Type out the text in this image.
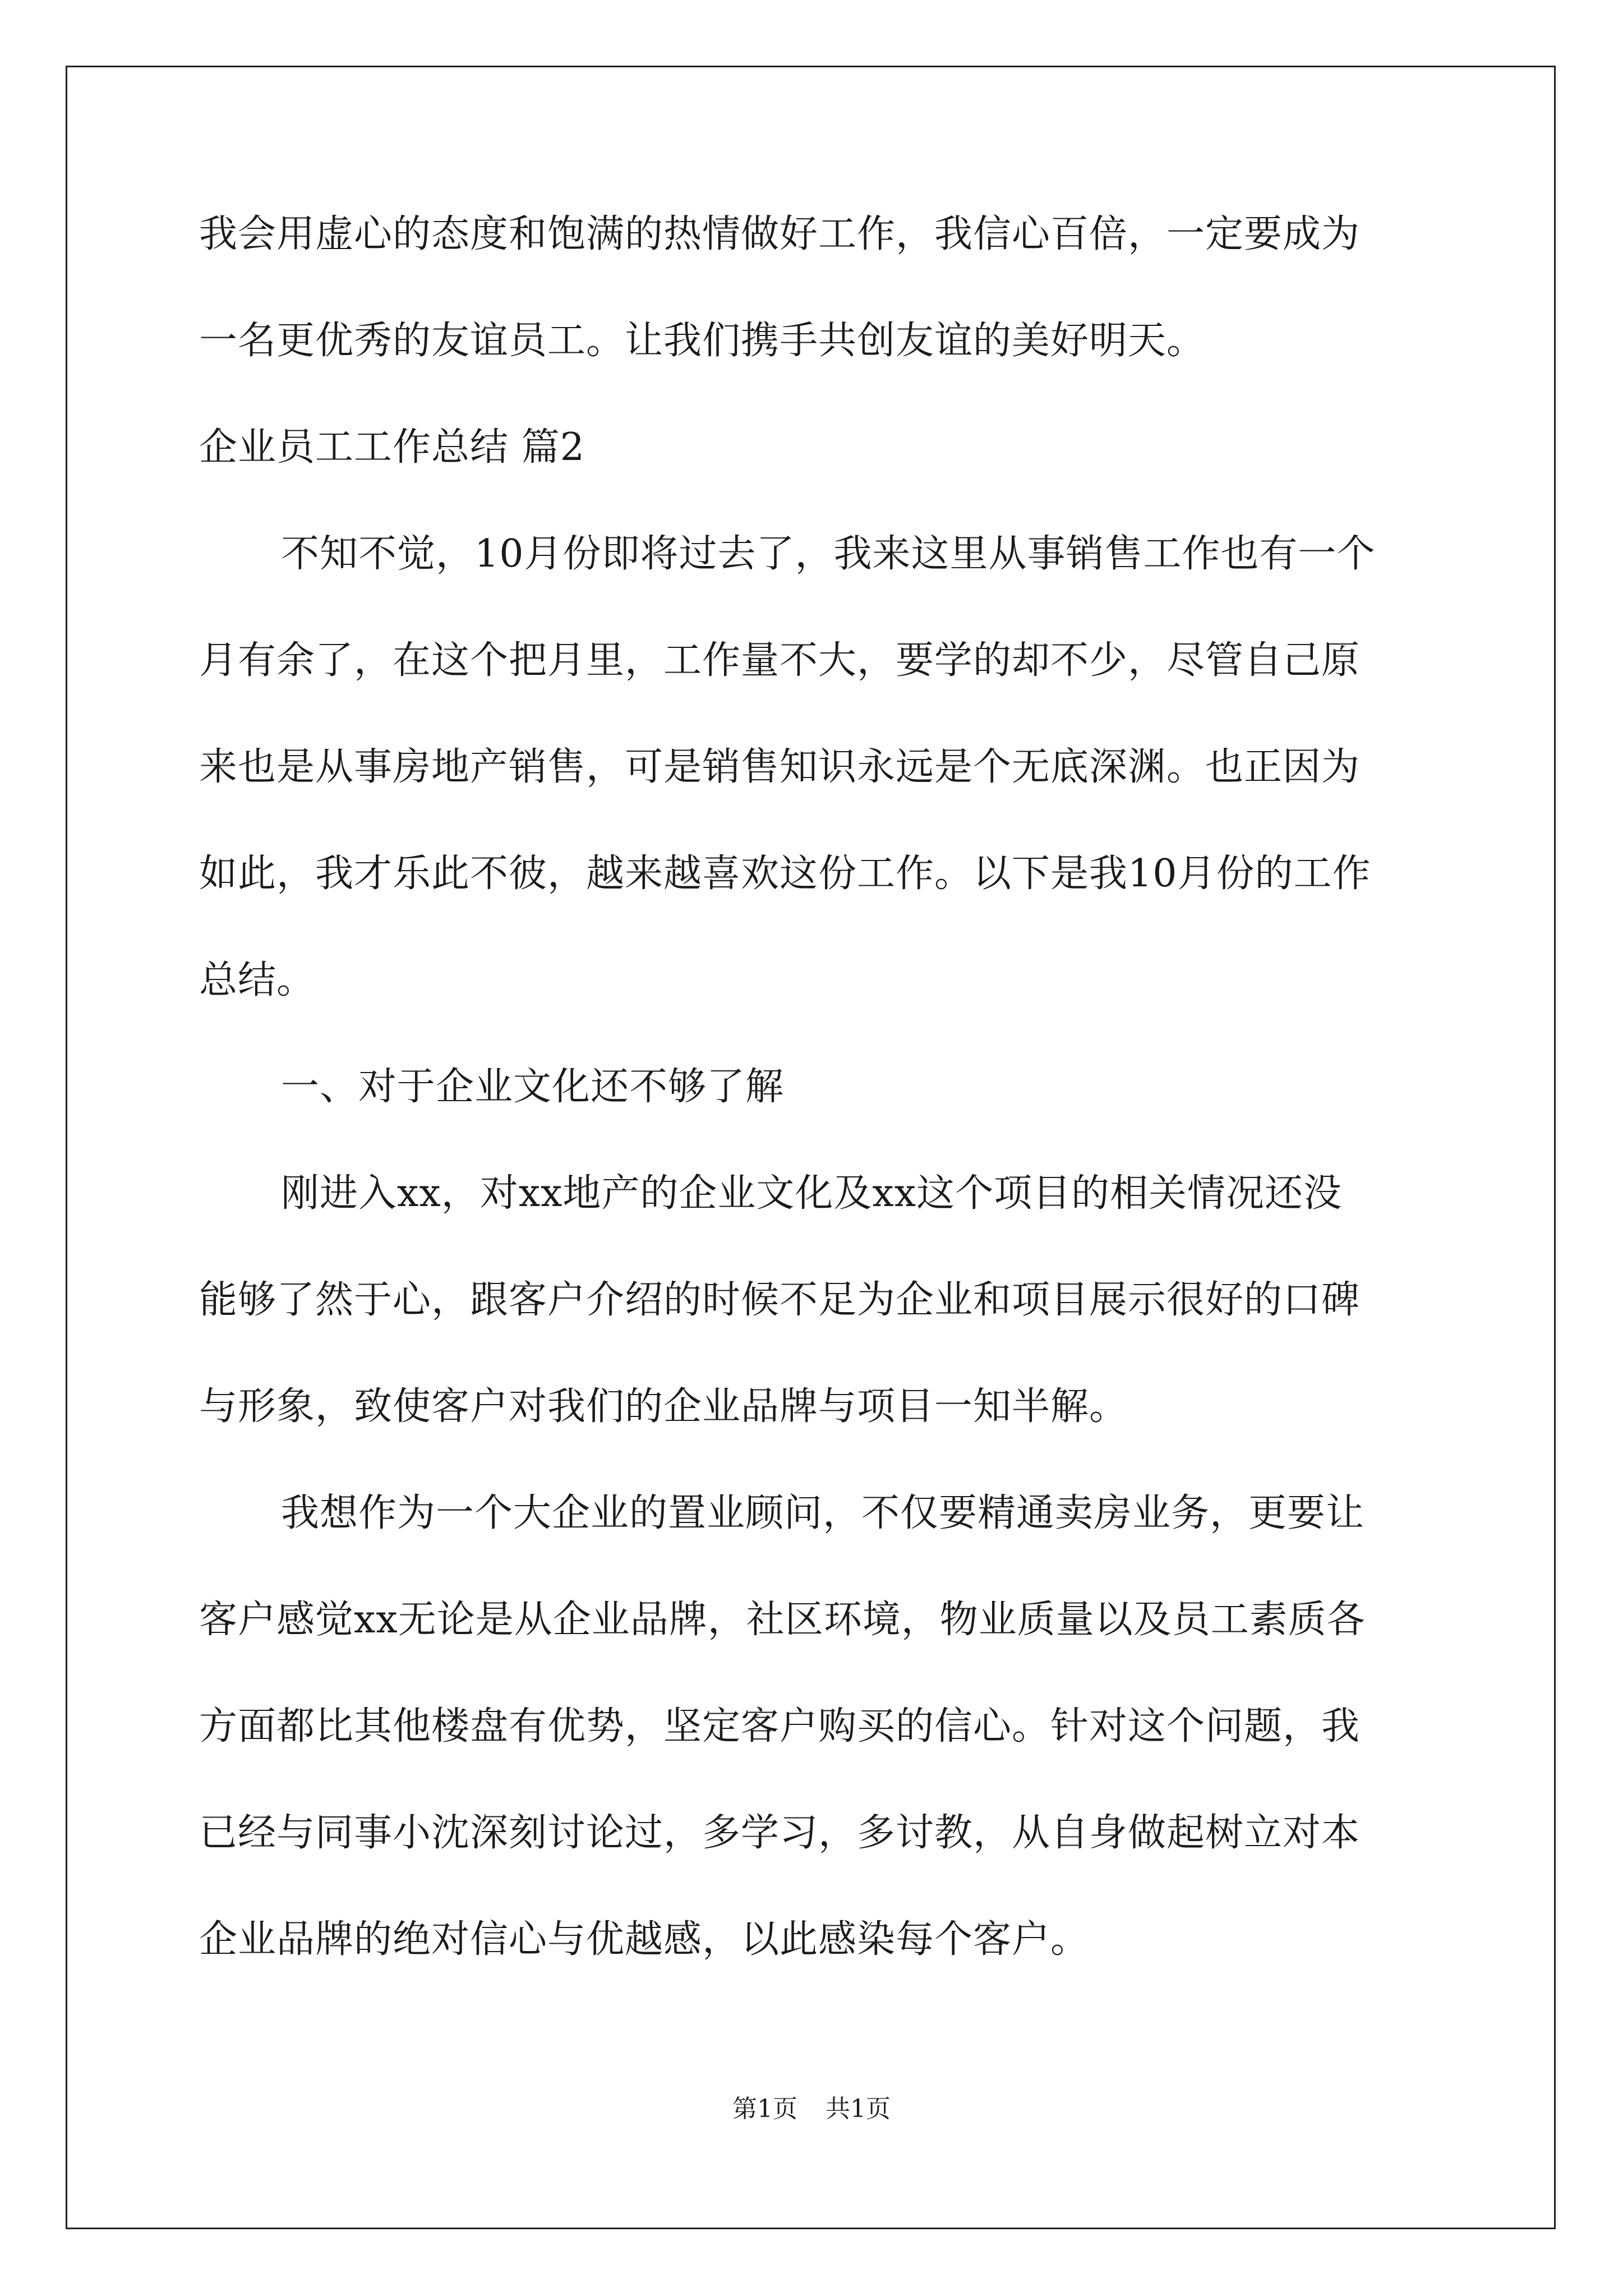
我会用虚心的态度和饱满的热情做好工作，我信心百倍，一定要成为
一名更优秀的友谊员工。让我们携手共创友谊的美好明天。
企业员工工作总结 篇2
不知不觉，10月份即将过去了，我来这里从事销售工作也有一个
月有余了，在这个把月里，工作量不大，要学的却不少，尽管自己原
来也是从事房地产销售，可是销售知识永远是个无底深渊。也正因为
如此，我才乐此不彼，越来越喜欢这份工作。以下是我10月份的工作
总结。
一、对于企业文化还不够了解
刚进入xx，对xx地产的企业文化及xx这个项目的相关情况还没
能够了然于心，跟客户介绍的时候不足为企业和项目展示很好的口碑
与形象，致使客户对我们的企业品牌与项目一知半解。
我想作为一个大企业的置业顾问，不仅要精通卖房业务，更要让
客户感觉xx无论是从企业品牌，社区环境，物业质量以及员工素质各
方面都比其他楼盘有优势，坚定客户购买的信心。针对这个问题，我
已经与同事小沈深刻讨论过，多学习，多讨教，从自身做起树立对本
企业品牌的绝对信心与优越感，以此感染每个客户。
第1页 共1页
